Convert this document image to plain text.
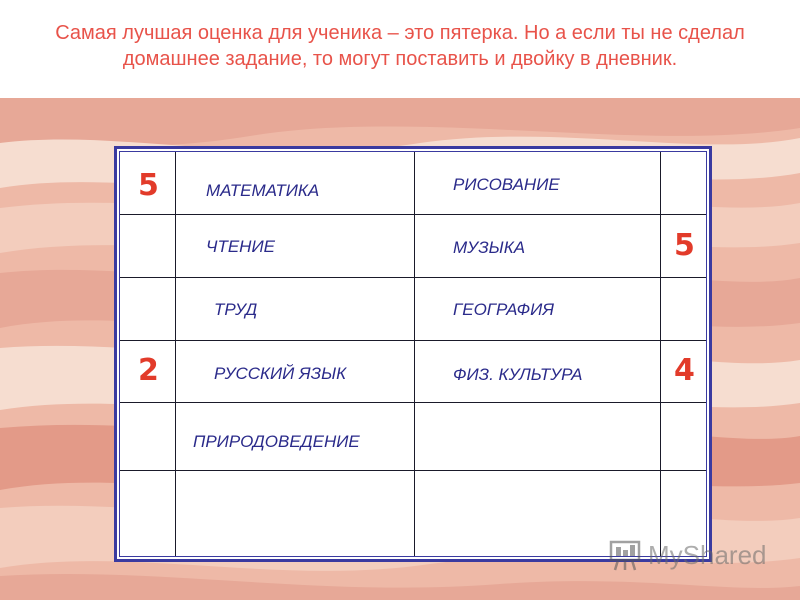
Самая лучшая оценка для ученика – это пятерка. Но а если ты не сделал домашнее задание, то могут поставить и двойку в дневник.
5
2
5
4
МАТЕМАТИКА
ЧТЕНИЕ
ТРУД
РУССКИЙ ЯЗЫК
ПРИРОДОВЕДЕНИЕ
РИСОВАНИЕ
МУЗЫКА
ГЕОГРАФИЯ
ФИЗ. КУЛЬТУРА
MyShared
